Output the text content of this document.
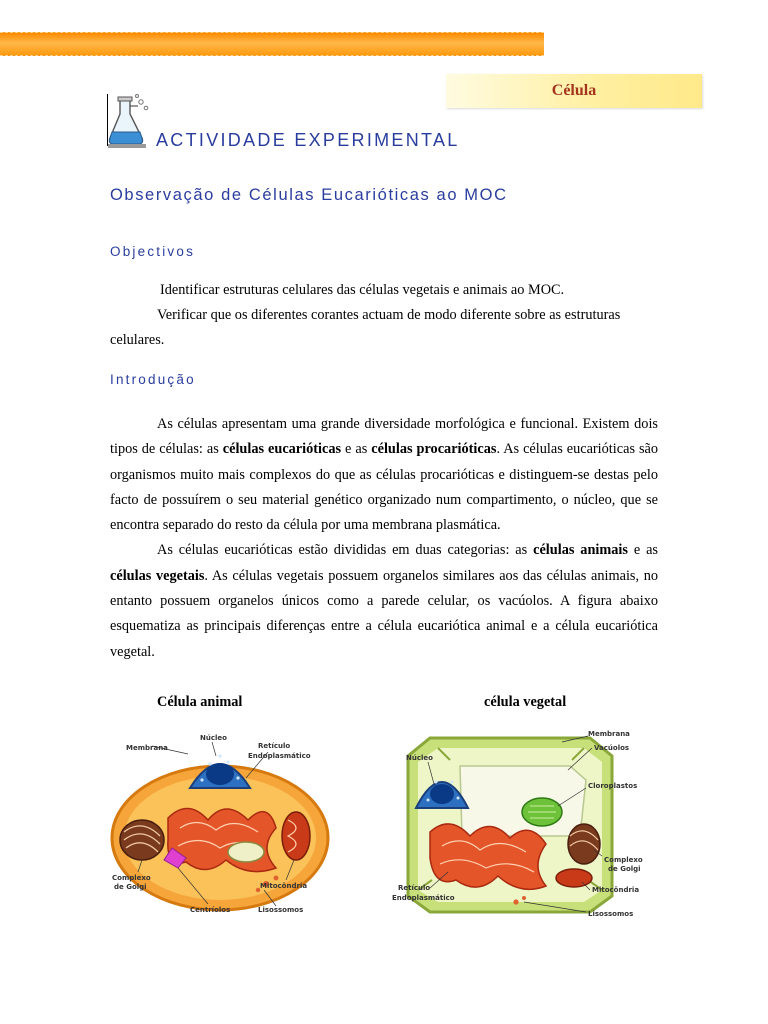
Célula
ACTIVIDADE EXPERIMENTAL
Observação de Células Eucarióticas ao MOC
Objectivos

Identificar estruturas celulares das células vegetais e animais ao MOC.

Verificar que os diferentes corantes actuam de modo diferente sobre as estruturas celulares.

Introdução

As células apresentam uma grande diversidade morfológica e funcional. Existem dois tipos de células: as células eucarióticas e as células procarióticas. As células eucarióticas são organismos muito mais complexos do que as células procarióticas e distinguem-se destas pelo facto de possuírem o seu material genético organizado num compartimento, o núcleo, que se encontra separado do resto da célula por uma membrana plasmática.

As células eucarióticas estão divididas em duas categorias: as células animais e as células vegetais. As células vegetais possuem organelos similares aos das células animais, no entanto possuem organelos únicos como a parede celular, os vacúolos. A figura abaixo esquematiza as principais diferenças entre a célula eucariótica animal e a célula eucariótica vegetal.

Célula animal	célula vegetal
Núcleo
Membrana	Retículo
Endoplasmático
Complexo
de Golgi	Mitocôndria
Centríolos	Lisossomos
Membrana
Vacúolos
Núcleo
Cloroplastos
Complexo
de Golgi
Retículo
Endoplasmático
Mitocôndria
Lisossomos
